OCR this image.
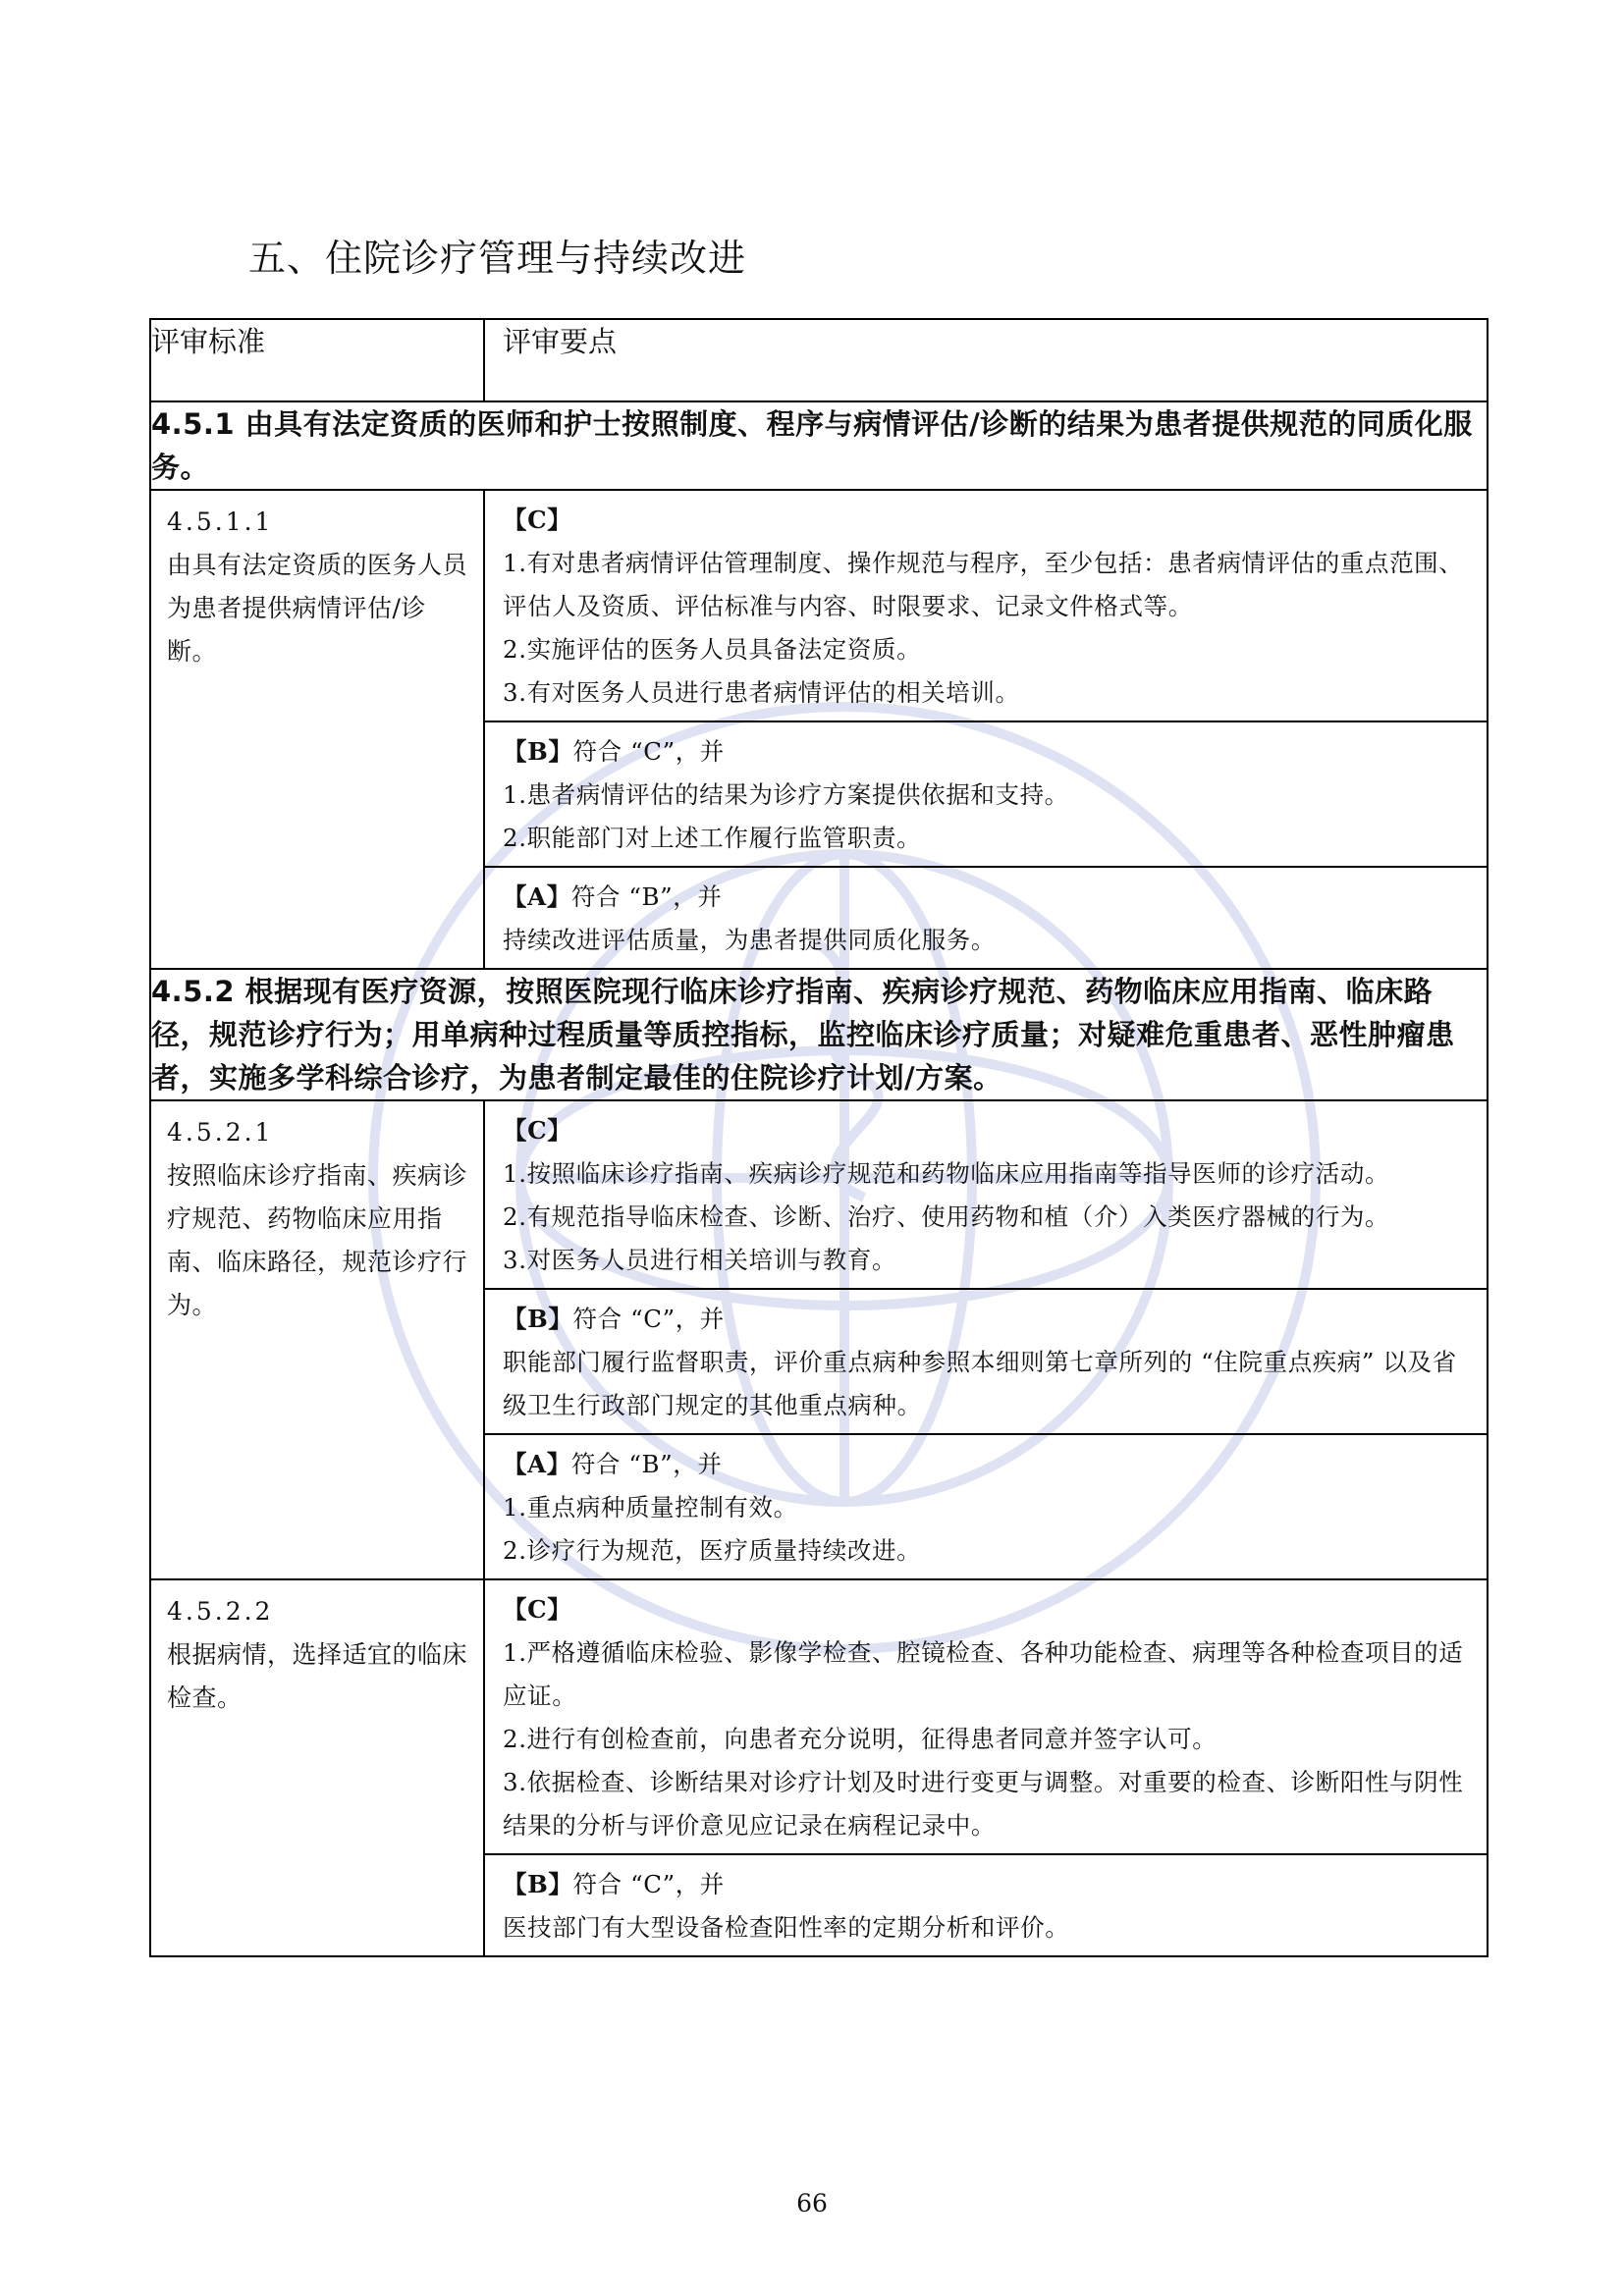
五、住院诊疗管理与持续改进
评审标准	评审要点
4.5.1 由具有法定资质的医师和护士按照制度、程序与病情评估/诊断的结果为患者提供规范的同质化服务。	

4.5.1.1
由具有法定资质的医务人员为患者提供病情评估/诊断。	【C】
1.有对患者病情评估管理制度、操作规范与程序，至少包括：患者病情评估的重点范围、评估人及资质、评估标准与内容、时限要求、记录文件格式等。
2.实施评估的医务人员具备法定资质。
3.有对医务人员进行患者病情评估的相关培训。

	【B】符合 “C”，并
1.患者病情评估的结果为诊疗方案提供依据和支持。
2.职能部门对上述工作履行监管职责。

	【A】符合 “B”，并
持续改进评估质量，为患者提供同质化服务。

4.5.2 根据现有医疗资源，按照医院现行临床诊疗指南、疾病诊疗规范、药物临床应用指南、临床路径，规范诊疗行为；用单病种过程质量等质控指标，监控临床诊疗质量；对疑难危重患者、恶性肿瘤患者，实施多学科综合诊疗，为患者制定最佳的住院诊疗计划/方案。	

4.5.2.1
按照临床诊疗指南、疾病诊疗规范、药物临床应用指南、临床路径，规范诊疗行为。	【C】
1.按照临床诊疗指南、疾病诊疗规范和药物临床应用指南等指导医师的诊疗活动。
2.有规范指导临床检查、诊断、治疗、使用药物和植（介）入类医疗器械的行为。
3.对医务人员进行相关培训与教育。

	【B】符合 “C”，并
职能部门履行监督职责，评价重点病种参照本细则第七章所列的 “住院重点疾病” 以及省级卫生行政部门规定的其他重点病种。

	【A】符合 “B”，并
1.重点病种质量控制有效。
2.诊疗行为规范，医疗质量持续改进。

4.5.2.2
根据病情，选择适宜的临床检查。	【C】
1.严格遵循临床检验、影像学检查、腔镜检查、各种功能检查、病理等各种检查项目的适应证。
2.进行有创检查前，向患者充分说明，征得患者同意并签字认可。
3.依据检查、诊断结果对诊疗计划及时进行变更与调整。对重要的检查、诊断阳性与阴性结果的分析与评价意见应记录在病程记录中。

	【B】符合 “C”，并
医技部门有大型设备检查阳性率的定期分析和评价。
66
